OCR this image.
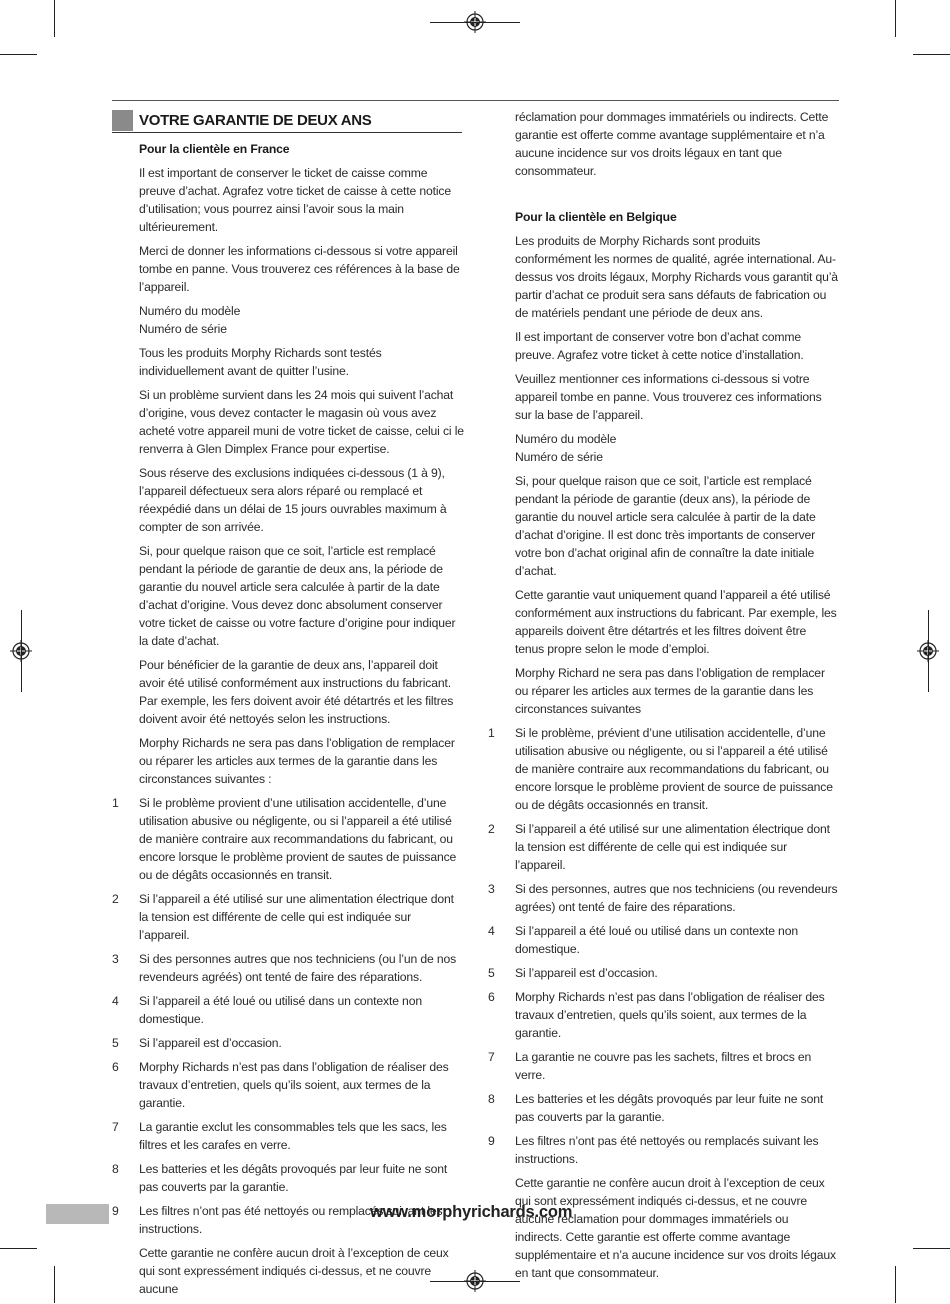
VOTRE GARANTIE DE DEUX ANS

Pour la clientèle en France

Il est important de conserver le ticket de caisse comme preuve d’achat. Agrafez votre ticket de caisse à cette notice d’utilisation; vous pourrez ainsi l’avoir sous la main ultérieurement.

Merci de donner les informations ci-dessous si votre appareil tombe en panne. Vous trouverez ces références à la base de l’appareil.

Numéro du modèle

Numéro de série

Tous les produits Morphy Richards sont testés individuellement avant de quitter l’usine.

Si un problème survient dans les 24 mois qui suivent l’achat d’origine, vous devez contacter le magasin où vous avez acheté votre appareil muni de votre ticket de caisse, celui ci le renverra à Glen Dimplex France pour expertise.

Sous réserve des exclusions indiquées ci-dessous (1 à 9), l’appareil défectueux sera alors réparé ou remplacé et réexpédié dans un délai de 15 jours ouvrables maximum à compter de son arrivée.

Si, pour quelque raison que ce soit, l’article est remplacé pendant la période de garantie de deux ans, la période de garantie du nouvel article sera calculée à partir de la date d’achat d’origine. Vous devez donc absolument conserver votre ticket de caisse ou votre facture d’origine pour indiquer la date d’achat.

Pour bénéficier de la garantie de deux ans, l’appareil doit avoir été utilisé conformément aux instructions du fabricant. Par exemple, les fers doivent avoir été détartrés et les filtres doivent avoir été nettoyés selon les instructions.

Morphy Richards ne sera pas dans l’obligation de remplacer ou réparer les articles aux termes de la garantie dans les circonstances suivantes :

1 Si le problème provient d’une utilisation accidentelle, d’une utilisation abusive ou négligente, ou si l’appareil a été utilisé de manière contraire aux recommandations du fabricant, ou encore lorsque le problème provient de sautes de puissance ou de dégâts occasionnés en transit.
2 Si l’appareil a été utilisé sur une alimentation électrique dont la tension est différente de celle qui est indiquée sur l’appareil.
3 Si des personnes autres que nos techniciens (ou l’un de nos revendeurs agréés) ont tenté de faire des réparations.
4 Si l’appareil a été loué ou utilisé dans un contexte non domestique.
5 Si l’appareil est d’occasion.
6 Morphy Richards n’est pas dans l’obligation de réaliser des travaux d’entretien, quels qu’ils soient, aux termes de la garantie.
7 La garantie exclut les consommables tels que les sacs, les filtres et les carafes en verre.
8 Les batteries et les dégâts provoqués par leur fuite ne sont pas couverts par la garantie.
9 Les filtres n’ont pas été nettoyés ou remplacés suivant les instructions.

Cette garantie ne confère aucun droit à l’exception de ceux qui sont expressément indiqués ci-dessus, et ne couvre aucune

réclamation pour dommages immatériels ou indirects. Cette garantie est offerte comme avantage supplémentaire et n’a aucune incidence sur vos droits légaux en tant que consommateur.

Pour la clientèle en Belgique

Les produits de Morphy Richards sont produits conformément les normes de qualité, agrée international. Au-dessus vos droits légaux, Morphy Richards vous garantit qu’à partir d’achat ce produit sera sans défauts de fabrication ou de matériels pendant une période de deux ans.

Il est important de conserver votre bon d’achat comme preuve. Agrafez votre ticket à cette notice d’installation.

Veuillez mentionner ces informations ci-dessous si votre appareil tombe en panne. Vous trouverez ces informations sur la base de l’appareil.

Numéro du modèle

Numéro de série

Si, pour quelque raison que ce soit, l’article est remplacé pendant la période de garantie (deux ans), la période de garantie du nouvel article sera calculée à partir de la date d’achat d’origine. Il est donc très importants de conserver votre bon d’achat original afin de connaître la date initiale d’achat.

Cette garantie vaut uniquement quand l’appareil a été utilisé conformément aux instructions du fabricant. Par exemple, les appareils doivent être détartrés et les filtres doivent être tenus propre selon le mode d’emploi.

Morphy Richard ne sera pas dans l’obligation de remplacer ou réparer les articles aux termes de la garantie dans les circonstances suivantes

1 Si le problème, prévient d’une utilisation accidentelle, d’une utilisation abusive ou négligente, ou si l’appareil a été utilisé de manière contraire aux recommandations du fabricant, ou encore lorsque le problème provient de source de puissance ou de dégâts occasionnés en transit.
2 Si l’appareil a été utilisé sur une alimentation électrique dont la tension est différente de celle qui est indiquée sur l’appareil.
3 Si des personnes, autres que nos techniciens (ou revendeurs agrées) ont tenté de faire des réparations.
4 Si l’appareil a été loué ou utilisé dans un contexte non domestique.
5 Si l’appareil est d’occasion.
6 Morphy Richards n’est pas dans l’obligation de réaliser des travaux d’entretien, quels qu’ils soient, aux termes de la garantie.
7 La garantie ne couvre pas les sachets, filtres et brocs en verre.
8 Les batteries et les dégâts provoqués par leur fuite ne sont pas couverts par la garantie.
9 Les filtres n’ont pas été nettoyés ou remplacés suivant les instructions.

Cette garantie ne confère aucun droit à l’exception de ceux qui sont expressément indiqués ci-dessus, et ne couvre aucune réclamation pour dommages immatériels ou indirects. Cette garantie est offerte comme avantage supplémentaire et n’a aucune incidence sur vos droits légaux en tant que consommateur.

www.morphyrichards.com
